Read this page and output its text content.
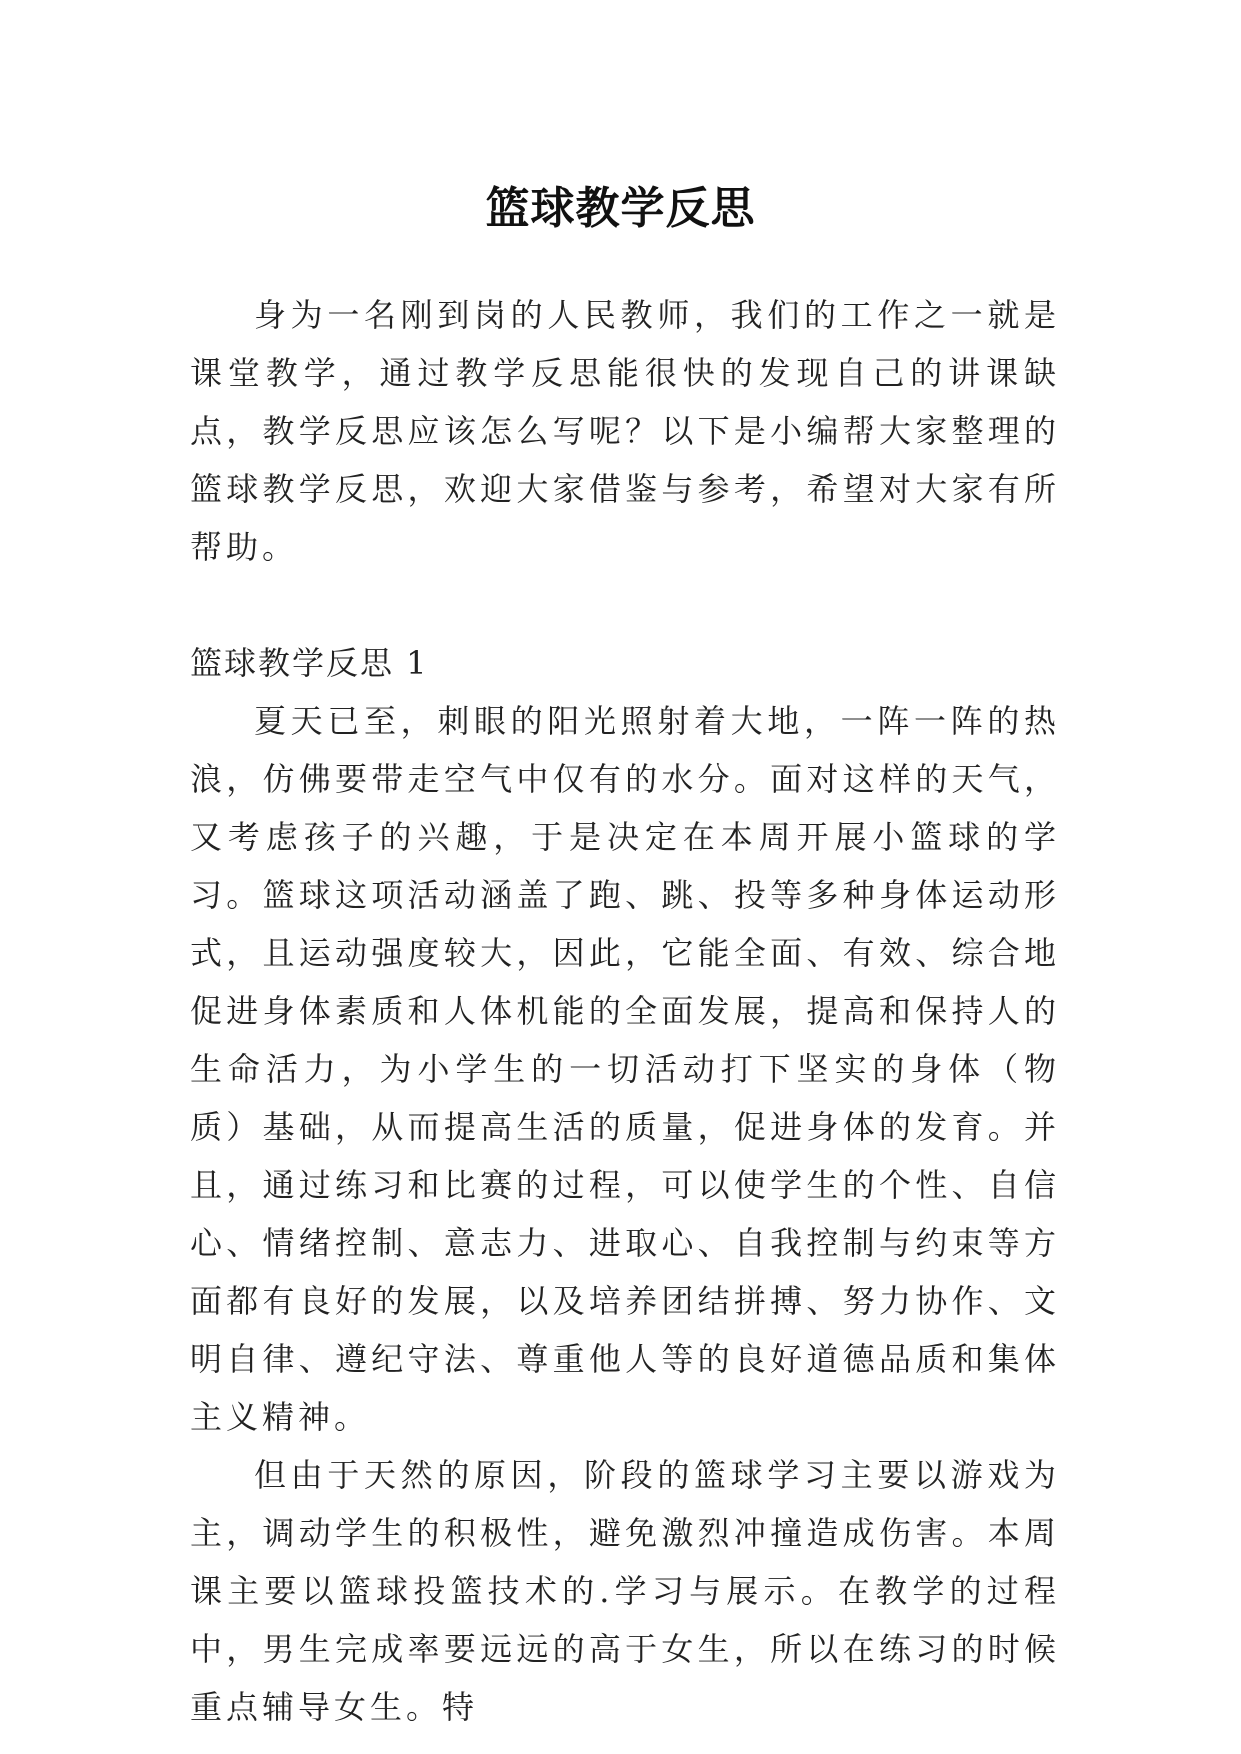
篮球教学反思

身为一名刚到岗的人民教师，我们的工作之一就是课堂教学，通过教学反思能很快的发现自己的讲课缺点，教学反思应该怎么写呢？以下是小编帮大家整理的篮球教学反思，欢迎大家借鉴与参考，希望对大家有所帮助。

篮球教学反思 1

夏天已至，刺眼的阳光照射着大地，一阵一阵的热浪，仿佛要带走空气中仅有的水分。面对这样的天气，又考虑孩子的兴趣，于是决定在本周开展小篮球的学习。篮球这项活动涵盖了跑、跳、投等多种身体运动形式，且运动强度较大，因此，它能全面、有效、综合地促进身体素质和人体机能的全面发展，提高和保持人的生命活力，为小学生的一切活动打下坚实的身体（物质）基础，从而提高生活的质量，促进身体的发育。并且，通过练习和比赛的过程，可以使学生的个性、自信心、情绪控制、意志力、进取心、自我控制与约束等方面都有良好的发展，以及培养团结拼搏、努力协作、文明自律、遵纪守法、尊重他人等的良好道德品质和集体主义精神。

但由于天然的原因，阶段的篮球学习主要以游戏为主，调动学生的积极性，避免激烈冲撞造成伤害。本周课主要以篮球投篮技术的.学习与展示。在教学的过程中，男生完成率要远远的高于女生，所以在练习的时候重点辅导女生。特
